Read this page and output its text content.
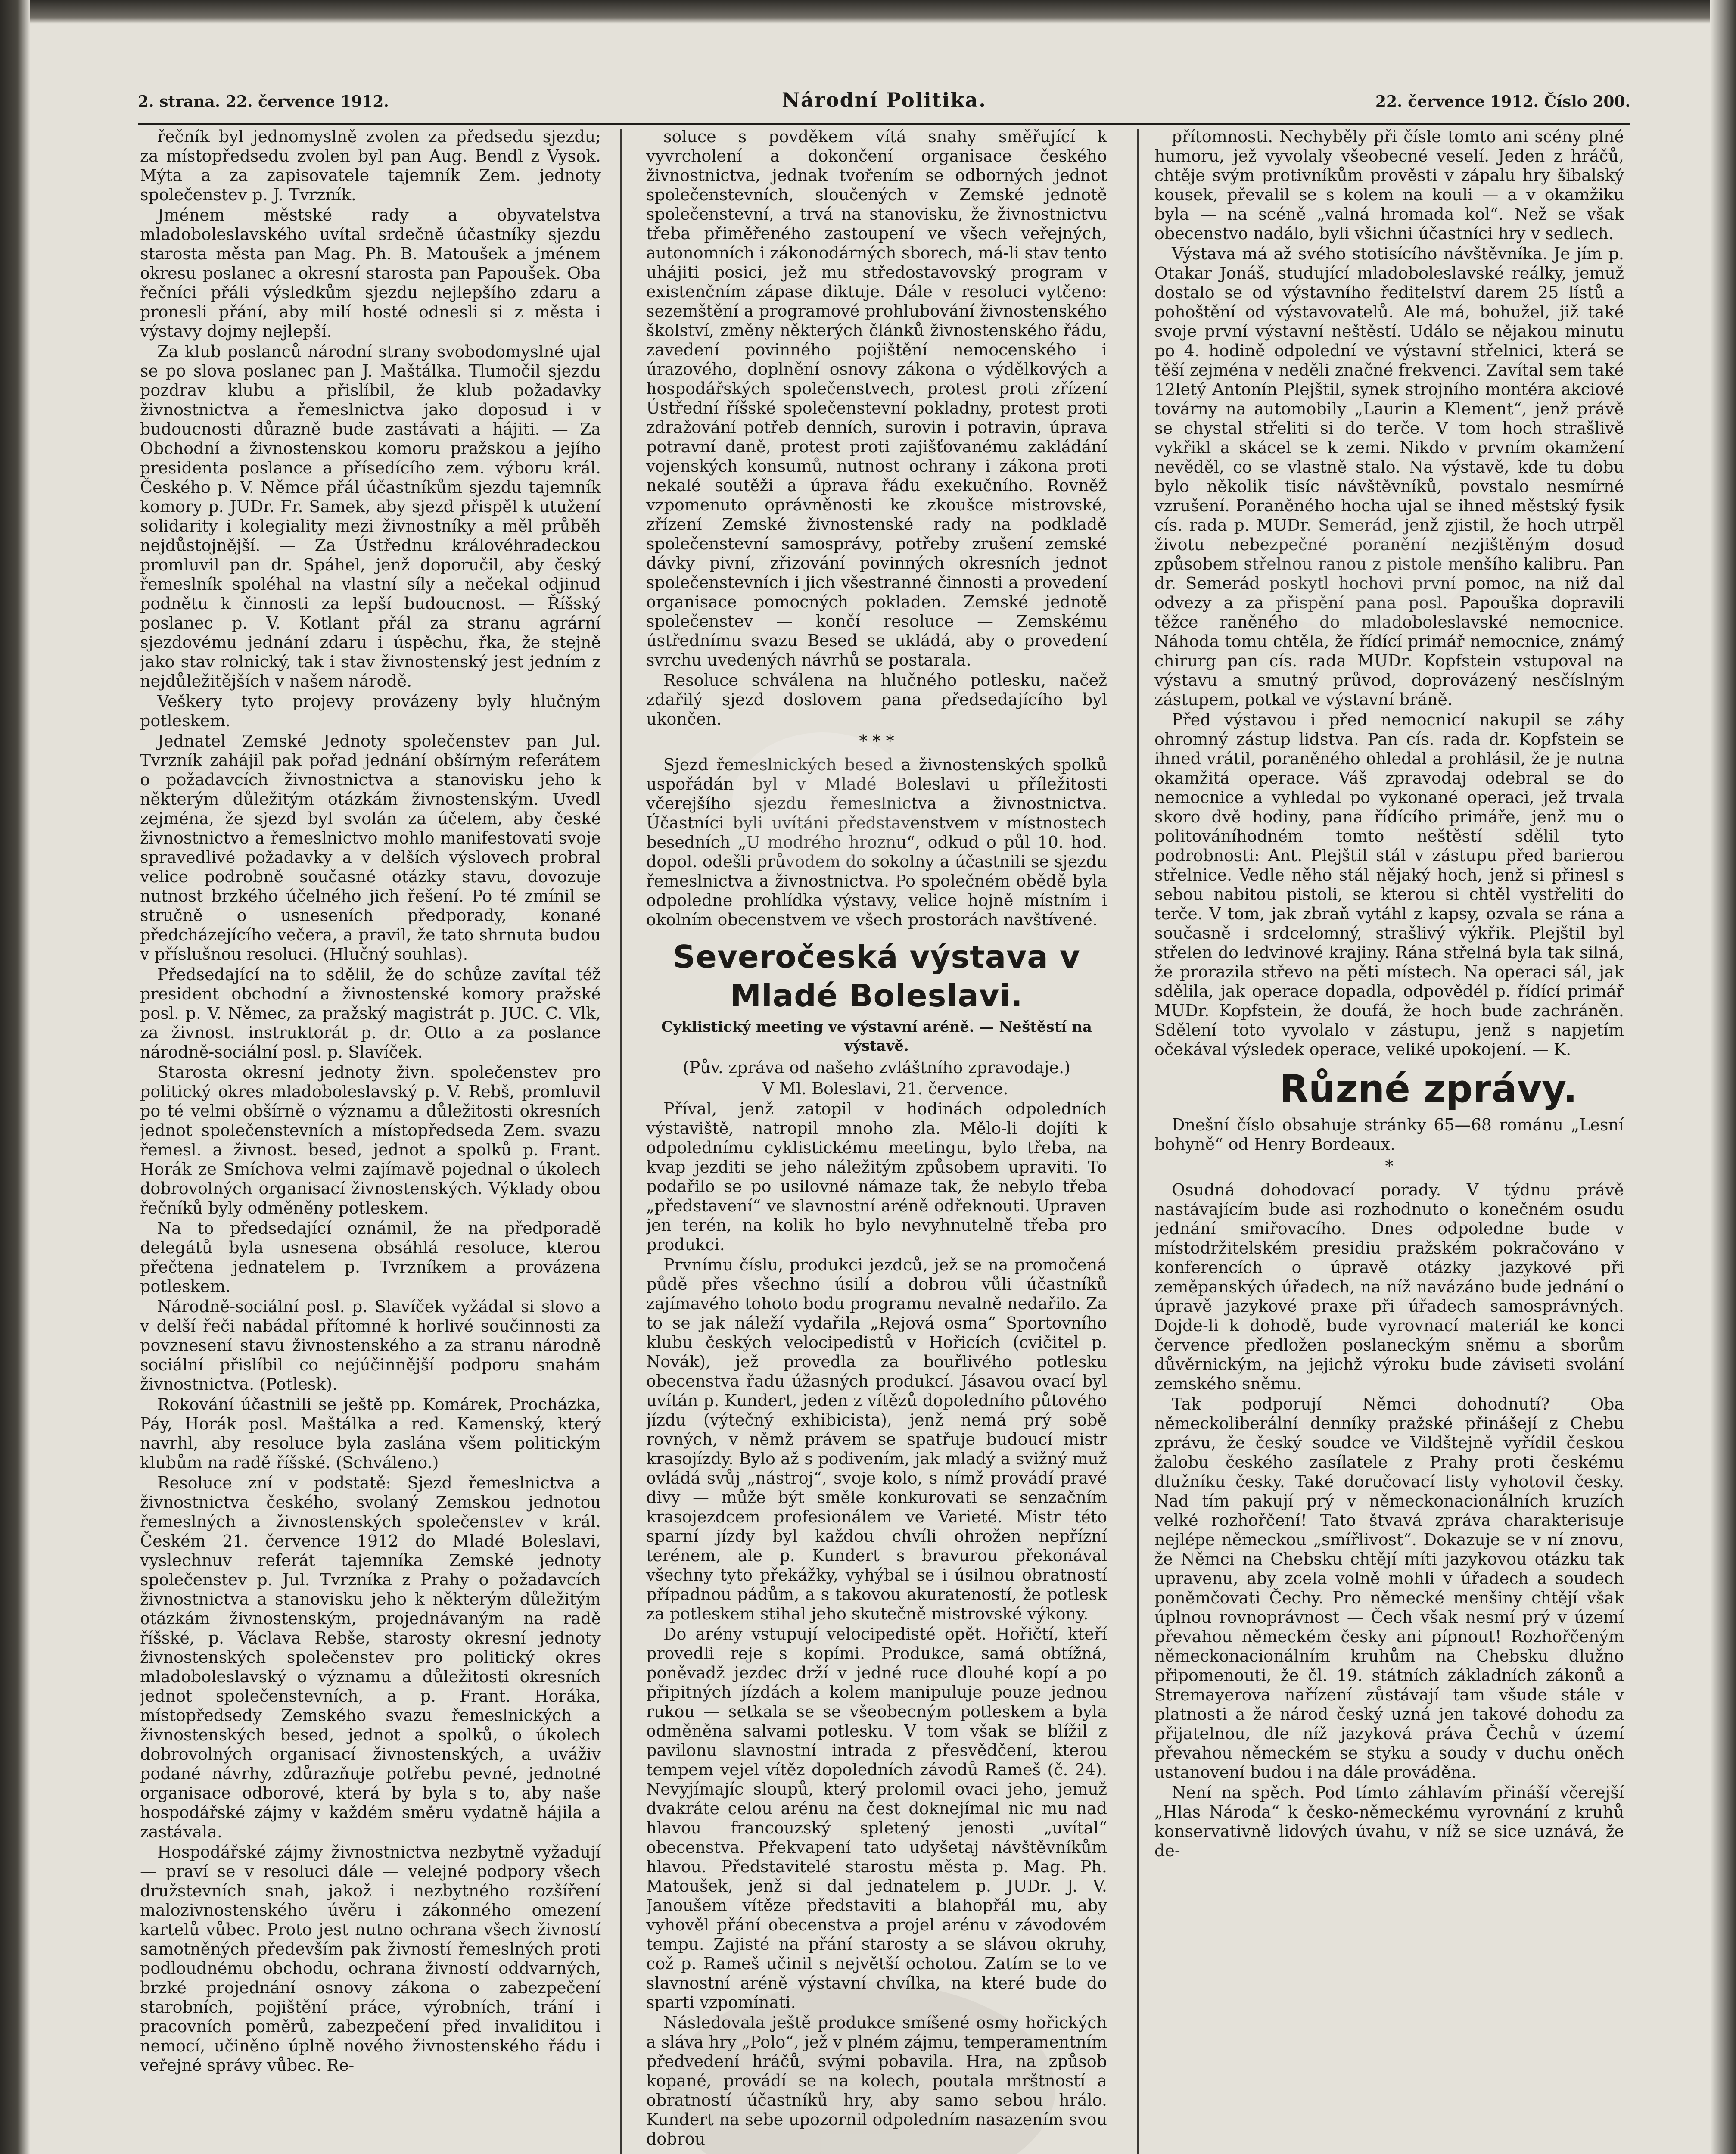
2. strana. 22. července 1912.	Národní Politika.	22. července 1912. Číslo 200.

řečník byl jednomyslně zvolen za předsedu sjezdu; za místopředsedu zvolen byl pan Aug. Bendl z Vysok. Mýta a za zapisovatele tajemník Zem. jednoty společenstev p. J. Tvrzník.

Jménem městské rady a obyvatelstva mladoboleslavského uvítal srdečně účastníky sjezdu starosta města pan Mag. Ph. B. Matoušek a jménem okresu poslanec a okresní starosta pan Papoušek. Oba řečníci přáli výsledkům sjezdu nejlepšího zdaru a pronesli přání, aby milí hosté odnesli si z města i výstavy dojmy nejlepší.

Za klub poslanců národní strany svobodomyslné ujal se po slova poslanec pan J. Maštálka. Tlumočil sjezdu pozdrav klubu a přislíbil, že klub požadavky živnostnictva a řemeslnictva jako doposud i v budoucnosti důrazně bude zastávati a hájiti. — Za Obchodní a živnostenskou komoru pražskou a jejího presidenta poslance a přísedícího zem. výboru král. Českého p. V. Němce přál účastníkům sjezdu tajemník komory p. JUDr. Fr. Samek, aby sjezd přispěl k utužení solidarity i kolegiality mezi živnostníky a měl průběh nejdůstojnější. — Za Ústřednu královéhradeckou promluvil pan dr. Spáhel, jenž doporučil, aby český řemeslník spoléhal na vlastní síly a nečekal odjinud podnětu k činnosti za lepší budoucnost. — Říšský poslanec p. V. Kotlant přál za stranu agrární sjezdovému jednání zdaru i úspěchu, řka, že stejně jako stav rolnický, tak i stav živnostenský jest jedním z nejdůležitějších v našem národě.

Veškery tyto projevy provázeny byly hlučným potleskem.

Jednatel Zemské Jednoty společenstev pan Jul. Tvrzník zahájil pak pořad jednání obšírným referátem o požadavcích živnostnictva a stanovisku jeho k některým důležitým otázkám živnostenským. Uvedl zejména, že sjezd byl svolán za účelem, aby české živnostnictvo a řemeslnictvo mohlo manifestovati svoje spravedlivé požadavky a v delších výslovech probral velice podrobně současné otázky stavu, dovozuje nutnost brzkého účelného jich řešení. Po té zmínil se stručně o usneseních předporady, konané předcházejícího večera, a pravil, že tato shrnuta budou v příslušnou resoluci. (Hlučný souhlas).

Předsedající na to sdělil, že do schůze zavítal též president obchodní a živnostenské komory pražské posl. p. V. Němec, za pražský magistrát p. JUC. C. Vlk, za živnost. instruktorát p. dr. Otto a za poslance národně-sociální posl. p. Slavíček.

Starosta okresní jednoty živn. společenstev pro politický okres mladoboleslavský p. V. Rebš, promluvil po té velmi obšírně o významu a důležitosti okresních jednot společenstevních a místopředseda Zem. svazu řemesl. a živnost. besed, jednot a spolků p. Frant. Horák ze Smíchova velmi zajímavě pojednal o úkolech dobrovolných organisací živnostenských. Výklady obou řečníků byly odměněny potleskem.

Na to předsedající oznámil, že na předporadě delegátů byla usnesena obsáhlá resoluce, kterou přečtena jednatelem p. Tvrzníkem a provázena potleskem.

Národně-sociální posl. p. Slavíček vyžádal si slovo a v delší řeči nabádal přítomné k horlivé součinnosti za povznesení stavu živnostenského a za stranu národně sociální přislíbil co nejúčinnější podporu snahám živnostnictva. (Potlesk).

Rokování účastnili se ještě pp. Komárek, Procházka, Páy, Horák posl. Maštálka a red. Kamenský, který navrhl, aby resoluce byla zaslána všem politickým klubům na radě říšské. (Schváleno.)

Resoluce zní v podstatě: Sjezd řemeslnictva a živnostnictva českého, svolaný Zemskou jednotou řemeslných a živnostenských společenstev v král. Českém 21. července 1912 do Mladé Boleslavi, vyslechnuv referát tajemníka Zemské jednoty společenstev p. Jul. Tvrzníka z Prahy o požadavcích živnostnictva a stanovisku jeho k některým důležitým otázkám živnostenským, projednávaným na radě říšské, p. Václava Rebše, starosty okresní jednoty živnostenských společenstev pro politický okres mladoboleslavský o významu a důležitosti okresních jednot společenstevních, a p. Frant. Horáka, místopředsedy Zemského svazu řemeslnických a živnostenských besed, jednot a spolků, o úkolech dobrovolných organisací živnostenských, a uváživ podané návrhy, zdůrazňuje potřebu pevné, jednotné organisace odborové, která by byla s to, aby naše hospodářské zájmy v každém směru vydatně hájila a zastávala.

Hospodářské zájmy živnostnictva nezbytně vyžadují — praví se v resoluci dále — velejné podpory všech družstevních snah, jakož i nezbytného rozšíření malozivnostenského úvěru i zákonného omezení kartelů vůbec. Proto jest nutno ochrana všech živností samotněných především pak živností řemeslných proti podloudnému obchodu, ochrana živností oddvarných, brzké projednání osnovy zákona o zabezpečení starobních, pojištění práce, výrobních, trání i pracovních poměrů, zabezpečení před invaliditou i nemocí, učiněno úplně nového živnostenského řádu i veřejné správy vůbec. Re-

soluce s povděkem vítá snahy směřující k vyvrcholení a dokončení organisace českého živnostnictva, jednak tvořením se odborných jednot společenstevních, sloučených v Zemské jednotě společenstevní, a trvá na stanovisku, že živnostnictvu třeba přiměřeného zastoupení ve všech veřejných, autonomních i zákonodárných sborech, má-li stav tento uhájiti posici, jež mu středostavovský program v existenčním zápase diktuje. Dále v resoluci vytčeno: sezemštění a programové prohlubování živnostenského školství, změny některých článků živnostenského řádu, zavedení povinného pojištění nemocenského i úrazového, doplnění osnovy zákona o výdělkových a hospodářských společenstvech, protest proti zřízení Ústřední říšské společenstevní pokladny, protest proti zdražování potřeb denních, surovin i potravin, úprava potravní daně, protest proti zajišťovanému zakládání vojenských konsumů, nutnost ochrany i zákona proti nekalé soutěži a úprava řádu exekučního. Rovněž vzpomenuto oprávněnosti ke zkoušce mistrovské, zřízení Zemské živnostenské rady na podkladě společenstevní samosprávy, potřeby zrušení zemské dávky pivní, zřizování povinných okresních jednot společenstevních i jich všestranné činnosti a provedení organisace pomocných pokladen. Zemské jednotě společenstev — končí resoluce — Zemskému ústřednímu svazu Besed se ukládá, aby o provedení svrchu uvedených návrhů se postarala.

Resoluce schválena na hlučného potlesku, načež zdařilý sjezd doslovem pana předsedajícího byl ukončen.

* * *

Sjezd řemeslnických besed a živnostenských spolků uspořádán byl v Mladé Boleslavi u příležitosti včerejšího sjezdu řemeslnictva a živnostnictva. Účastníci byli uvítáni představenstvem v místnostech besedních „U modrého hroznu“, odkud o půl 10. hod. dopol. odešli průvodem do sokolny a účastnili se sjezdu řemeslnictva a živnostnictva. Po společném obědě byla odpoledne prohlídka výstavy, velice hojně místním i okolním obecenstvem ve všech prostorách navštívené.

Severočeská výstava v Mladé Boleslavi.
Cyklistický meeting ve výstavní aréně. — Neštěstí na výstavě.
(Pův. zpráva od našeho zvláštního zpravodaje.)

V Ml. Boleslavi, 21. července.

Příval, jenž zatopil v hodinách odpoledních výstaviště, natropil mnoho zla. Mělo-li dojíti k odpolednímu cyklistickému meetingu, bylo třeba, na kvap jezditi se jeho náležitým způsobem upraviti. To podařilo se po usilovné námaze tak, že nebylo třeba „představení“ ve slavnostní aréně odřeknouti. Upraven jen terén, na kolik ho bylo nevyhnutelně třeba pro produkci.

Prvnímu číslu, produkci jezdců, jež se na promočená půdě přes všechno úsilí a dobrou vůli účastníků zajímavého tohoto bodu programu nevalně nedařilo. Za to se jak náleží vydařila „Rejová osma“ Sportovního klubu českých velocipedistů v Hořicích (cvičitel p. Novák), jež provedla za bouřlivého potlesku obecenstva řadu úžasných produkcí. Jásavou ovací byl uvítán p. Kundert, jeden z vítězů dopoledního půtového jízdu (výtečný exhibicista), jenž nemá prý sobě rovných, v němž právem se spatřuje budoucí mistr krasojízdy. Bylo až s podivením, jak mladý a svižný muž ovládá svůj „nástroj“, svoje kolo, s nímž provádí pravé divy — může být směle konkurovati se senzačním krasojezdcem profesionálem ve Varieté. Mistr této sparní jízdy byl každou chvíli ohrožen nepřízní terénem, ale p. Kundert s bravurou překonával všechny tyto překážky, vyhýbal se i úsilnou obratností případnou pádům, a s takovou akurateností, že potlesk za potleskem stihal jeho skutečně mistrovské výkony.

Do arény vstupují velocipedisté opět. Hořičtí, kteří provedli reje s kopími. Produkce, samá obtížná, poněvadž jezdec drží v jedné ruce dlouhé kopí a po připitných jízdách a kolem manipuluje pouze jednou rukou — setkala se se všeobecným potleskem a byla odměněna salvami potlesku. V tom však se blížil z pavilonu slavnostní intrada z přesvědčení, kterou tempem vejel vítěz dopoledních závodů Rameš (č. 24). Nevyjímajíc sloupů, který prolomil ovaci jeho, jemuž dvakráte celou arénu na čest doknejímal nic mu nad hlavou francouzský spletený jenosti „uvítal“ obecenstva. Překvapení tato udyšetaj návštěvníkům hlavou. Představitelé starostu města p. Mag. Ph. Matoušek, jenž si dal jednatelem p. JUDr. J. V. Janoušem vítěze představiti a blahopřál mu, aby vyhověl přání obecenstva a projel arénu v závodovém tempu. Zajisté na přání starosty a se slávou okruhy, což p. Rameš učinil s největší ochotou. Zatím se to ve slavnostní aréně výstavní chvílka, na které bude do sparti vzpomínati.

Následovala ještě produkce smíšené osmy hořických a sláva hry „Polo“, jež v plném zájmu, temperamentním předvedení hráčů, svými pobavila. Hra, na způsob kopané, provádí se na kolech, poutala mrštností a obratností účastníků hry, aby samo sebou hrálo. Kundert na sebe upozornil odpoledním nasazením svou dobrou

přítomnosti. Nechyběly při čísle tomto ani scény plné humoru, jež vyvolaly všeobecné veselí. Jeden z hráčů, chtěje svým protivníkům prověsti v zápalu hry šibalský kousek, převalil se s kolem na kouli — a v okamžiku byla — na scéně „valná hromada kol“. Než se však obecenstvo nadálo, byli všichni účastníci hry v sedlech.

Výstava má až svého stotisícího návštěvníka. Je jím p. Otakar Jonáš, studující mladoboleslavské reálky, jemuž dostalo se od výstavního ředitelství darem 25 lístů a pohoštění od výstavovatelů. Ale má, bohužel, již také svoje první výstavní neštěstí. Událo se nějakou minutu po 4. hodině odpolední ve výstavní střelnici, která se těší zejména v neděli značné frekvenci. Zavítal sem také 12letý Antonín Plejštil, synek strojního montéra akciové továrny na automobily „Laurin a Klement“, jenž právě se chystal střeliti si do terče. V tom hoch strašlivě vykřikl a skácel se k zemi. Nikdo v prvním okamžení nevěděl, co se vlastně stalo. Na výstavě, kde tu dobu bylo několik tisíc návštěvníků, povstalo nesmírné vzrušení. Poraněného hocha ujal se ihned městský fysik cís. rada p. MUDr. Semerád, jenž zjistil, že hoch utrpěl životu nebezpečné poranění nezjištěným dosud způsobem střelnou ranou z pistole menšího kalibru. Pan dr. Semerád poskytl hochovi první pomoc, na niž dal odvezy a za přispění pana posl. Papouška dopravili těžce raněného do mladoboleslavské nemocnice. Náhoda tomu chtěla, že řídící primář nemocnice, známý chirurg pan cís. rada MUDr. Kopfstein vstupoval na výstavu a smutný průvod, doprovázený nesčíslným zástupem, potkal ve výstavní bráně.

Před výstavou i před nemocnicí nakupil se záhy ohromný zástup lidstva. Pan cís. rada dr. Kopfstein se ihned vrátil, poraněného ohledal a prohlásil, že je nutna okamžitá operace. Váš zpravodaj odebral se do nemocnice a vyhledal po vykonané operaci, jež trvala skoro dvě hodiny, pana řídícího primáře, jenž mu o politováníhodném tomto neštěstí sdělil tyto podrobnosti: Ant. Plejštil stál v zástupu před barierou střelnice. Vedle něho stál nějaký hoch, jenž si přinesl s sebou nabitou pistoli, se kterou si chtěl vystřeliti do terče. V tom, jak zbraň vytáhl z kapsy, ozvala se rána a současně i srdcelomný, strašlivý výkřik. Plejštil byl střelen do ledvinové krajiny. Rána střelná byla tak silná, že prorazila střevo na pěti místech. Na operaci sál, jak sdělila, jak operace dopadla, odpovědél p. řídící primář MUDr. Kopfstein, že doufá, že hoch bude zachráněn. Sdělení toto vyvolalo v zástupu, jenž s napjetím očekával výsledek operace, veliké upokojení. — K.

Různé zprávy.

Dnešní číslo obsahuje stránky 65—68 románu „Lesní bohyně“ od Henry Bordeaux.

*

Osudná dohodovací porady. V týdnu právě nastávajícím bude asi rozhodnuto o konečném osudu jednání smiřovacího. Dnes odpoledne bude v místodržitelském presidiu pražském pokračováno v konferencích o úpravě otázky jazykové při zeměpanských úřadech, na níž navázáno bude jednání o úpravě jazykové praxe při úřadech samosprávných. Dojde-li k dohodě, bude vyrovnací materiál ke konci července předložen poslaneckým sněmu a sborům důvěrnickým, na jejichž výroku bude záviseti svolání zemského sněmu.

Tak podporují Němci dohodnutí? Oba německoliberální denníky pražské přinášejí z Chebu zprávu, že český soudce ve Vildštejně vyřídil českou žalobu českého zasílatele z Prahy proti českému dlužníku česky. Také doručovací listy vyhotovil česky. Nad tím pakují prý v německonacionálních kruzích velké rozhořčení! Tato štvavá zpráva charakterisuje nejlépe německou „smířlivost“. Dokazuje se v ní znovu, že Němci na Chebsku chtějí míti jazykovou otázku tak upravenu, aby zcela volně mohli v úřadech a soudech poněmčovati Čechy. Pro německé menšiny chtějí však úplnou rovnoprávnost — Čech však nesmí prý v území převahou německém česky ani pípnout! Rozhořčeným německonacionálním kruhům na Chebsku dlužno připomenouti, že čl. 19. státních základních zákonů a Stremayerova nařízení zůstávají tam všude stále v platnosti a že národ český uzná jen takové dohodu za přijatelnou, dle níž jazyková práva Čechů v území převahou německém se styku a soudy v duchu oněch ustanovení budou i na dále prováděna.

Není na spěch. Pod tímto záhlavím přináší včerejší „Hlas Národa“ k česko-německému vyrovnání z kruhů konservativně lidových úvahu, v níž se sice uznává, že de-
